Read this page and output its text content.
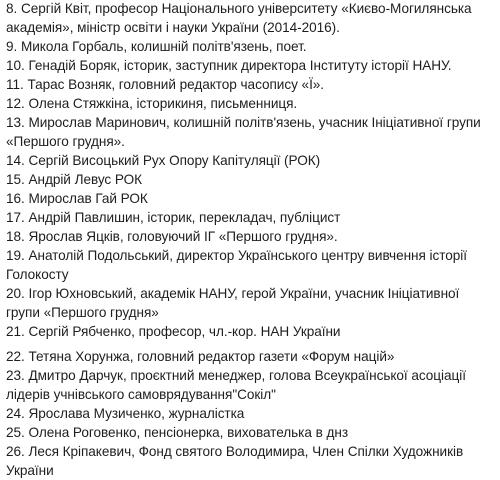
8. Сергій Квіт, професор Національного університету «Києво-Могилянська академія», міністр освіти і науки України (2014-2016).

9. Микола Горбаль, колишній політв'язень, поет.

10. Генадій Боряк, історик, заступник директора Інституту історії НАНУ.

11. Тарас Возняк, головний редактор часопису «Ї».

12. Олена Стяжкіна, історикиня, письменниця.

13. Мирослав Маринович, колишній політв'язень, учасник Ініціативної групи «Першого грудня».

14. Сергій Висоцький Рух Опору Капітуляції (РОК)

15. Андрій Левус РОК

16. Мирослав Гай РОК

17. Андрій Павлишин, історик, перекладач, публіцист

18. Ярослав Яцків, головуючий ІГ «Першого грудня».

19. Анатолій Подольський, директор Українського центру вивчення історії Голокосту

20. Ігор Юхновський, академік НАНУ, герой України, учасник Ініціативної групи «Першого грудня»

21. Сергій Рябченко, професор, чл.-кор. НАН України

22. Тетяна Хорунжа, головний редактор газети «Форум націй»

23. Дмитро Дарчук, проєктний менеджер, голова Всеукраїнської асоціації лідерів учнівського самоврядування"Сокіл"

24. Ярослава Музиченко, журналістка

25. Олена Роговенко, пенсіонерка, вихователька в днз

26. Леся Кріпакевич, Фонд святого Володимира, Член Спілки Художників України
